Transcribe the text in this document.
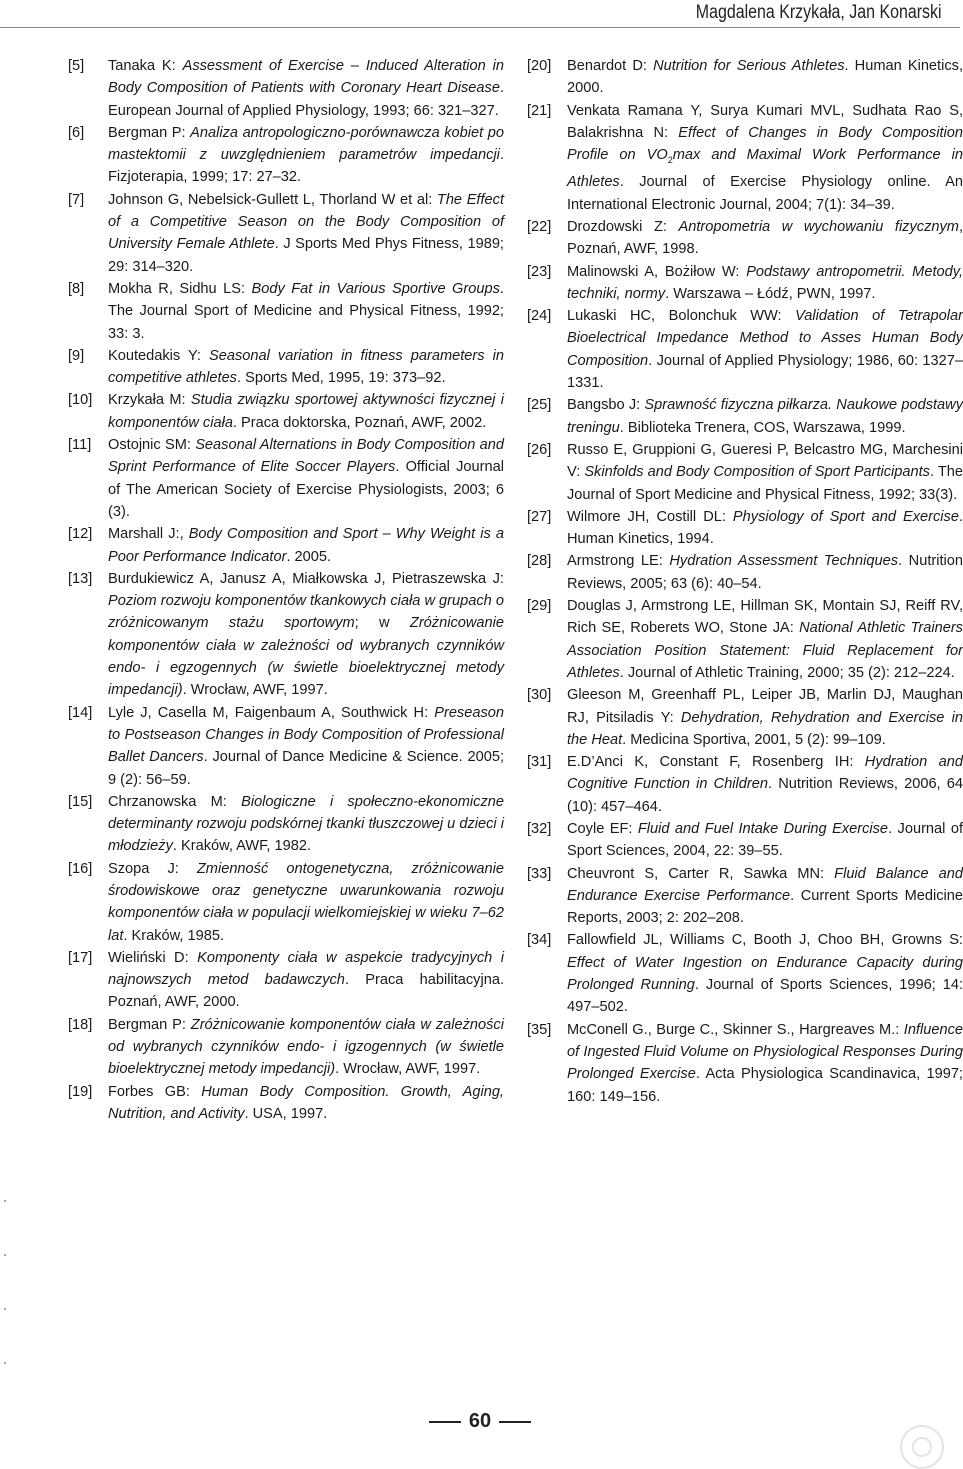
Magdalena Krzykała, Jan Konarski
[5]	Tanaka K: Assessment of Exercise – Induced Alteration in Body Composition of Patients with Coronary Heart Disease. European Journal of Applied Physiology, 1993; 66: 321–327.
[6]	Bergman P: Analiza antropologiczno-porównawcza kobiet po mastektomii z uwzględnieniem parametrów impedancji. Fizjoterapia, 1999; 17: 27–32.
[7]	Johnson G, Nebelsick-Gullett L, Thorland W et al: The Effect of a Competitive Season on the Body Composition of University Female Athlete. J Sports Med Phys Fitness, 1989; 29: 314–320.
[8]	Mokha R, Sidhu LS: Body Fat in Various Sportive Groups. The Journal Sport of Medicine and Physical Fitness, 1992; 33: 3.
[9]	Koutedakis Y: Seasonal variation in fitness parameters in competitive athletes. Sports Med, 1995, 19: 373–92.
[10]	Krzykała M: Studia związku sportowej aktywności fizycznej i komponentów ciała. Praca doktorska, Poznań, AWF, 2002.
[11]	Ostojnic SM: Seasonal Alternations in Body Composition and Sprint Performance of Elite Soccer Players. Official Journal of The American Society of Exercise Physiologists, 2003; 6 (3).
[12]	Marshall J:, Body Composition and Sport – Why Weight is a Poor Performance Indicator. 2005.
[13]	Burdukiewicz A, Janusz A, Miałkowska J, Pietraszewska J: Poziom rozwoju komponentów tkankowych ciała w grupach o zróżnicowanym stażu sportowym; w Zróżnicowanie komponentów ciała w zależności od wybranych czynników endo- i egzogennych (w świetle bioelektrycznej metody impedancji). Wrocław, AWF, 1997.
[14]	Lyle J, Casella M, Faigenbaum A, Southwick H: Preseason to Postseason Changes in Body Composition of Professional Ballet Dancers. Journal of Dance Medicine & Science. 2005; 9 (2): 56–59.
[15]	Chrzanowska M: Biologiczne i społeczno-ekonomiczne determinanty rozwoju podskórnej tkanki tłuszczowej u dzieci i młodzieży. Kraków, AWF, 1982.
[16]	Szopa J: Zmienność ontogenetyczna, zróżnicowanie środowiskowe oraz genetyczne uwarunkowania rozwoju komponentów ciała w populacji wielkomiejskiej w wieku 7–62 lat. Kraków, 1985.
[17]	Wieliński D: Komponenty ciała w aspekcie tradycyjnych i najnowszych metod badawczych. Praca habilitacyjna. Poznań, AWF, 2000.
[18]	Bergman P: Zróżnicowanie komponentów ciała w zależności od wybranych czynników endo- i igzogennych (w świetle bioelektrycznej metody impedancji). Wrocław, AWF, 1997.
[19]	Forbes GB: Human Body Composition. Growth, Aging, Nutrition, and Activity. USA, 1997.
[20]	Benardot D: Nutrition for Serious Athletes. Human Kinetics, 2000.
[21]	Venkata Ramana Y, Surya Kumari MVL, Sudhata Rao S, Balakrishna N: Effect of Changes in Body Composition Profile on $VO_2\max$ and Maximal Work Performance in Athletes. Journal of Exercise Physiology online. An International Electronic Journal, 2004; 7(1): 34–39.
[22]	Drozdowski Z: Antropometria w wychowaniu fizycznym, Poznań, AWF, 1998.
[23]	Malinowski A, Bożiłow W: Podstawy antropometrii. Metody, techniki, normy. Warszawa – Łódź, PWN, 1997.
[24]	Lukaski HC, Bolonchuk WW: Validation of Tetrapolar Bioelectrical Impedance Method to Asses Human Body Composition. Journal of Applied Physiology; 1986, 60: 1327–1331.
[25]	Bangsbo J: Sprawność fizyczna piłkarza. Naukowe podstawy treningu. Biblioteka Trenera, COS, Warszawa, 1999.
[26]	Russo E, Gruppioni G, Gueresi P, Belcastro MG, Marchesini V: Skinfolds and Body Composition of Sport Participants. The Journal of Sport Medicine and Physical Fitness, 1992; 33(3).
[27]	Wilmore JH, Costill DL: Physiology of Sport and Exercise. Human Kinetics, 1994.
[28]	Armstrong LE: Hydration Assessment Techniques. Nutrition Reviews, 2005; 63 (6): 40–54.
[29]	Douglas J, Armstrong LE, Hillman SK, Montain SJ, Reiff RV, Rich SE, Roberets WO, Stone JA: National Athletic Trainers Association Position Statement: Fluid Replacement for Athletes. Journal of Athletic Training, 2000; 35 (2): 212–224.
[30]	Gleeson M, Greenhaff PL, Leiper JB, Marlin DJ, Maughan RJ, Pitsiladis Y: Dehydration, Rehydration and Exercise in the Heat. Medicina Sportiva, 2001, 5 (2): 99–109.
[31]	E.D’Anci K, Constant F, Rosenberg IH: Hydration and Cognitive Function in Children. Nutrition Reviews, 2006, 64 (10): 457–464.
[32]	Coyle EF: Fluid and Fuel Intake During Exercise. Journal of Sport Sciences, 2004, 22: 39–55.
[33]	Cheuvront S, Carter R, Sawka MN: Fluid Balance and Endurance Exercise Performance. Current Sports Medicine Reports, 2003; 2: 202–208.
[34]	Fallowfield JL, Williams C, Booth J, Choo BH, Growns S: Effect of Water Ingestion on Endurance Capacity during Prolonged Running. Journal of Sports Sciences, 1996; 14: 497–502.
[35]	McConell G., Burge C., Skinner S., Hargreaves M.: Influence of Ingested Fluid Volume on Physiological Responses During Prolonged Exercise. Acta Physiologica Scandinavica, 1997; 160: 149–156.
60
